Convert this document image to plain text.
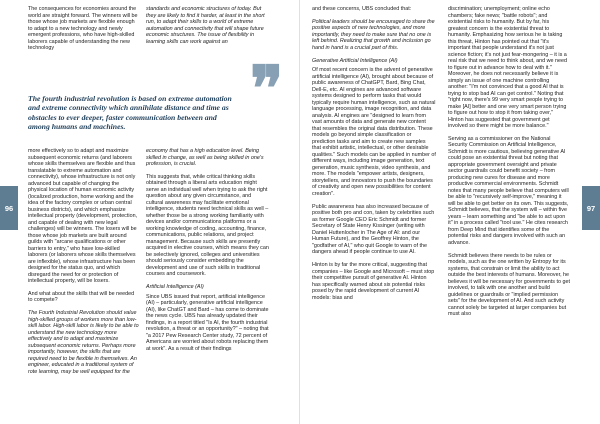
The consequences for economies around the world are straight forward. The winners will be those whose job markets are flexible enough to adapt to a new technology and newly emergent professions, who have high-skilled laborers capable of understanding the new technology

standards and economic structures of today. But they are likely to find it harder, at least in the short run, to adapt their skills to a world of extreme automation and connectivity that will shape future economic structures. The issue of flexibility in learning skills can work against an

The fourth industrial revolution is based on extreme automation and extreme connectivity which annihilate distance and time as obstacles to ever deeper, faster communication between and among humans and machines.
❞

more effectively so to adapt and maximize subsequent economic returns (and laborers whose skills themselves are flexible and thus translatable to extreme automation and connectivity), whose infrastructure is not only advanced but capable of changing the physical location of human economic activity (localized production, home working and the idea of the factory complex or urban central business districts), and which emphasize intellectual property (development, protection, and capable of dealing with new legal challenges) will be winners. The losers will be those whose job markets are built around guilds with "arcane qualifications or other barriers to entry," who have low-skilled laborers (or laborers whose skills themselves are inflexible), whose infrastructure has been designed for the status quo, and which disregard the need for or protection of intellectual property, will be losers.

And what about the skills that will be needed to compete?

The Fourth Industrial Revolution should value high-skilled groups of workers more than low-skill labor. High-skill labor is likely to be able to understand the new technology more effectively and to adapt and maximize subsequent economic returns. Perhaps more importantly, however, the skills that are required need to be flexible in themselves. An engineer, educated in a traditional system of rote learning, may be well equipped for the

economy that has a high education level. Being skilled in change, as well as being skilled in one's profession, is crucial.

This suggests that, while critical thinking skills obtained through a liberal arts education might serve an individual well when trying to ask the right question about any given circumstance, and cultural awareness may facilitate emotional intelligence, students need technical skills as well – whether those be a strong working familiarity with devices and/or communications platforms or a working knowledge of coding, accounting, finance, communications, public relations, and project management. Because such skills are presently acquired in elective courses, which means they can be selectively ignored, colleges and universities should seriously consider embedding the development and use of such skills in traditional courses and coursework.

Artificial Intelligence (AI)

Since UBS issued that report, artificial intelligence (AI) – particularly, generative artificial intelligence (AI), like ChatGT and Bard – has come to dominate the news cycle. UBS has already updated their findings, in a report titled "Is AI, the fourth industrial revolution, a threat or an opportunity?" – noting that "a 2017 Pew Research Center study, 72 percent of Americans are worried about robots replacing them at work". As a result of their findings

96

and these concerns, UBS concluded that:

Political leaders should be encouraged to share the positive aspects of new technologies, and more importantly, they need to make sure that no one is left behind. Realizing that growth and inclusion go hand in hand is a crucial part of this.

Generative Artificial Intelligence (AI)

Of most recent concern is the advent of generative artificial intelligence (AI), brought about because of public awareness of ChatGPT, Bard, Bing Chat, Dell-E, etc. AI engines are advanced software systems designed to perform tasks that would typically require human intelligence, such as natural language processing, image recognition, and data analysis. AI engines are "designed to learn from vast amounts of data and generate new content that resembles the original data distribution. These models go beyond simple classification or prediction tasks and aim to create new samples that exhibit artistic, intellectual, or other desirable qualities." Such models can be applied in number of different ways, including image generation, text generation, music synthesis, video synthesis, and more. The models "empower artists, designers, storytellers, and innovators to push the boundaries of creativity and open new possibilities for content creation".

Public awareness has also increased because of positive both pro and con, taken by celebrities such as former Google CEO Eric Schmidt and former Secretary of State Henry Kissinger (writing with Daniel Huttenlocher in The Age of AI: and our Human Future), and the Geoffrey Hinton, the "godfather of AI," who quit Google to warn of the dangers ahead if people continue to use AI.

Hinton is by far the more critical, suggesting that companies – like Google and Microsoft – must stop their competitive pursuit of generative AI. Hinton has specifically warned about six potential risks posed by the rapid development of current AI models: bias and

discrimination; unemployment; online echo chambers; fake news; "battle robots"; and existential risks to humanity. But by far, his greatest concern is the existential threat to humanity. Emphasizing how serious he is taking this threat, Hinton has pointed out that "it's important that people understand it's not just science fiction; it's not just fear-mongering – it is a real risk that we need to think about, and we need to figure out in advance how to deal with it." Moreover, he does not necessarily believe it is simply an issue of one machine controlling another: "I'm not convinced that a good AI that is trying to stop bad AI can get control." Noting that "right now, there's 99 very smart people trying to make [AI] better and one very smart person trying to figure out how to stop it from taking over," Hinton has suggested that government get involved so there might be more balance."

Serving as a commissioner on the National Security Commission on Artificial Intelligence, Schmidt is more cautious, believing generative AI could pose an existential threat but noting that appropriate government oversight and private sector guardrails could benefit society – from producing new cures for disease and more productive commercial environments. Schmidt notes that many people believe that computers will be able to "recursively self-improve," meaning it will be able to get better on its own. This suggests, Schmidt believes, that the system will – within five years – learn something and "be able to act upon it" in a process called "tool use." He cites research from Deep Mind that identifies some of the potential risks and dangers involved with such an advance.

Schmidt believes there needs to be rules or models, such as the one written by Entropy for its systems, that constrain or limit the ability to act outside the best interests of humans. Moreover, he believes it will be necessary for governments to get involved, to talk with one another and build guidelines or guardrails or "implied permission sets" for the development of AI. And such activity cannot solely be targeted at larger companies but must also

97
